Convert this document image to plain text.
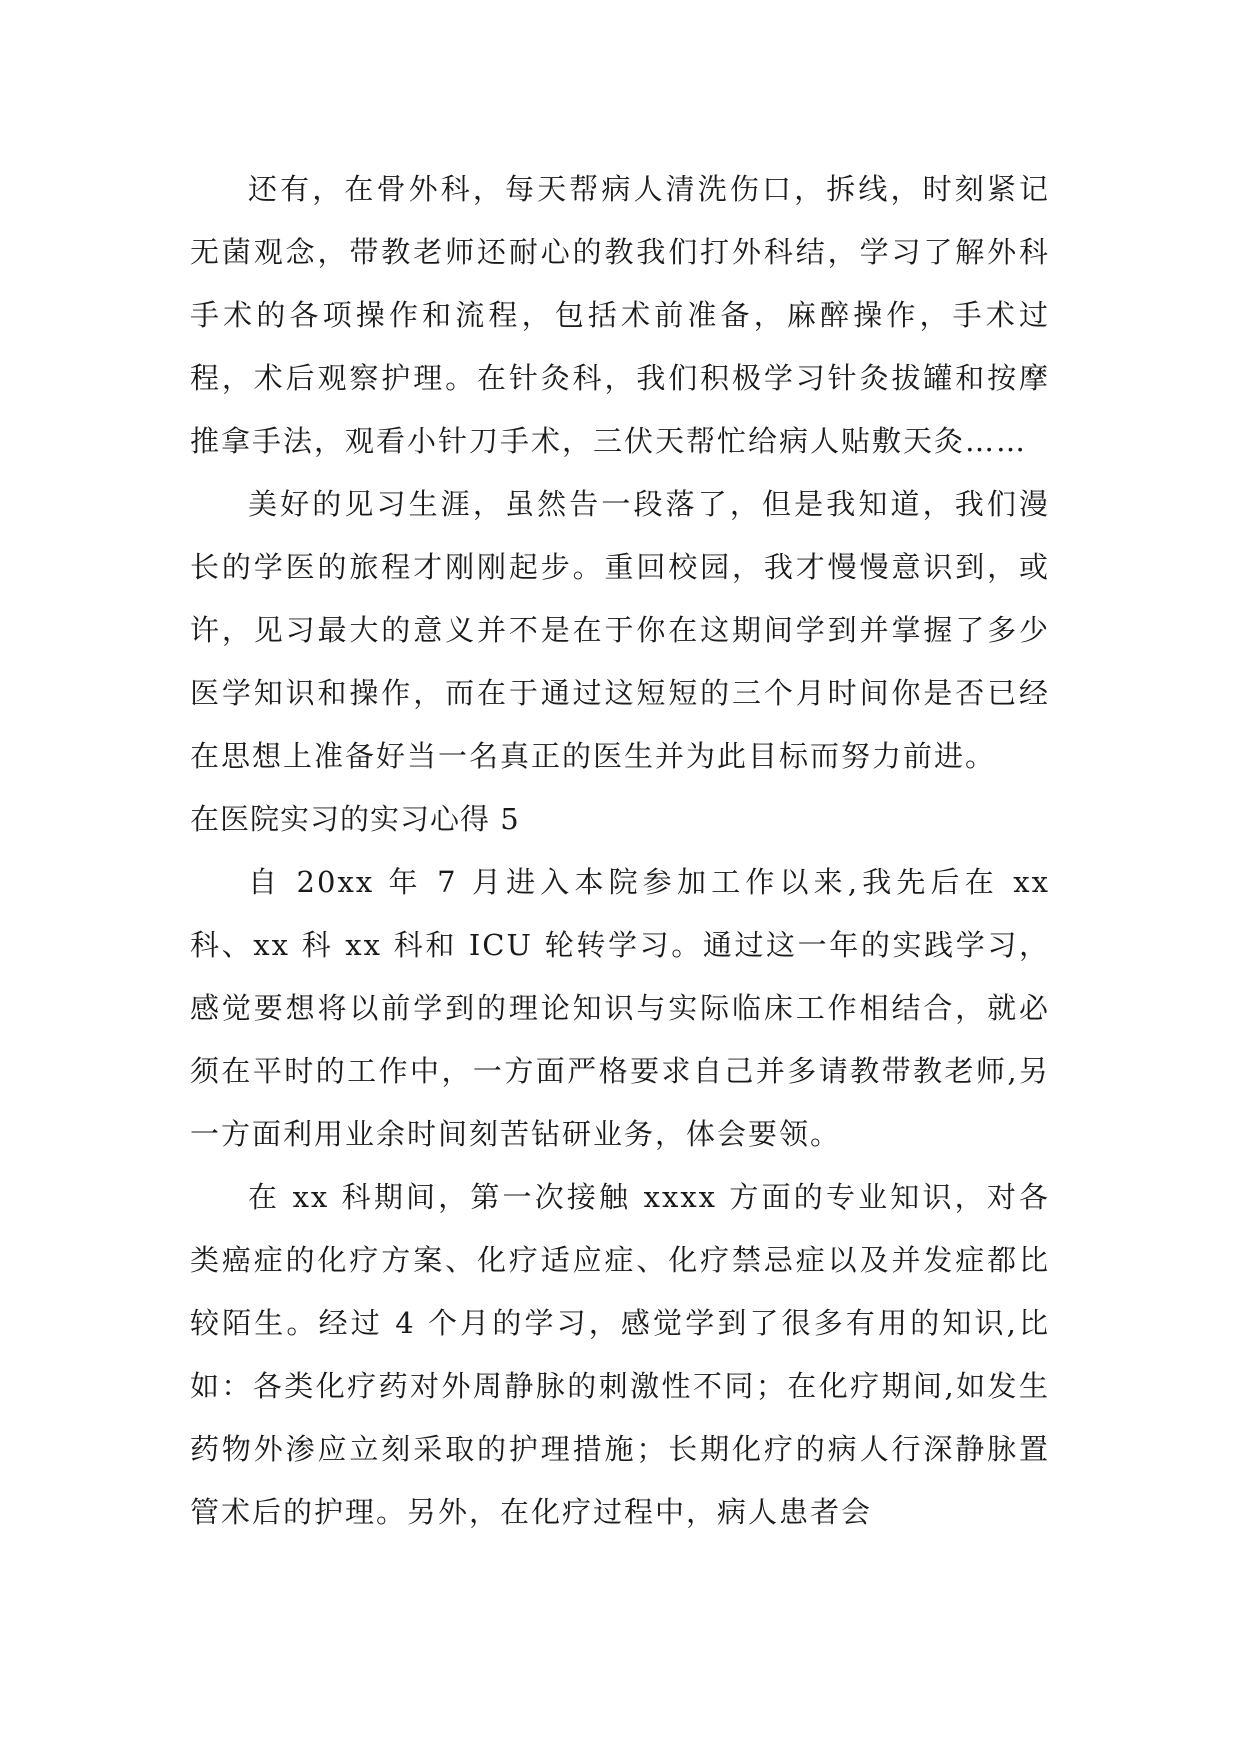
还有，在骨外科，每天帮病人清洗伤口，拆线，时刻紧记无菌观念，带教老师还耐心的教我们打外科结，学习了解外科手术的各项操作和流程，包括术前准备，麻醉操作，手术过程，术后观察护理。在针灸科，我们积极学习针灸拔罐和按摩推拿手法，观看小针刀手术，三伏天帮忙给病人贴敷天灸……

美好的见习生涯，虽然告一段落了，但是我知道，我们漫长的学医的旅程才刚刚起步。重回校园，我才慢慢意识到，或许，见习最大的意义并不是在于你在这期间学到并掌握了多少医学知识和操作，而在于通过这短短的三个月时间你是否已经在思想上准备好当一名真正的医生并为此目标而努力前进。

在医院实习的实习心得 5

自 20xx 年 7 月进入本院参加工作以来,我先后在 xx 科、xx 科 xx 科和 ICU 轮转学习。通过这一年的实践学习，感觉要想将以前学到的理论知识与实际临床工作相结合，就必须在平时的工作中，一方面严格要求自己并多请教带教老师,另一方面利用业余时间刻苦钻研业务，体会要领。

在 xx 科期间，第一次接触 xxxx 方面的专业知识，对各类癌症的化疗方案、化疗适应症、化疗禁忌症以及并发症都比较陌生。经过 4 个月的学习，感觉学到了很多有用的知识,比如：各类化疗药对外周静脉的刺激性不同；在化疗期间,如发生药物外渗应立刻采取的护理措施；长期化疗的病人行深静脉置管术后的护理。另外，在化疗过程中，病人患者会
